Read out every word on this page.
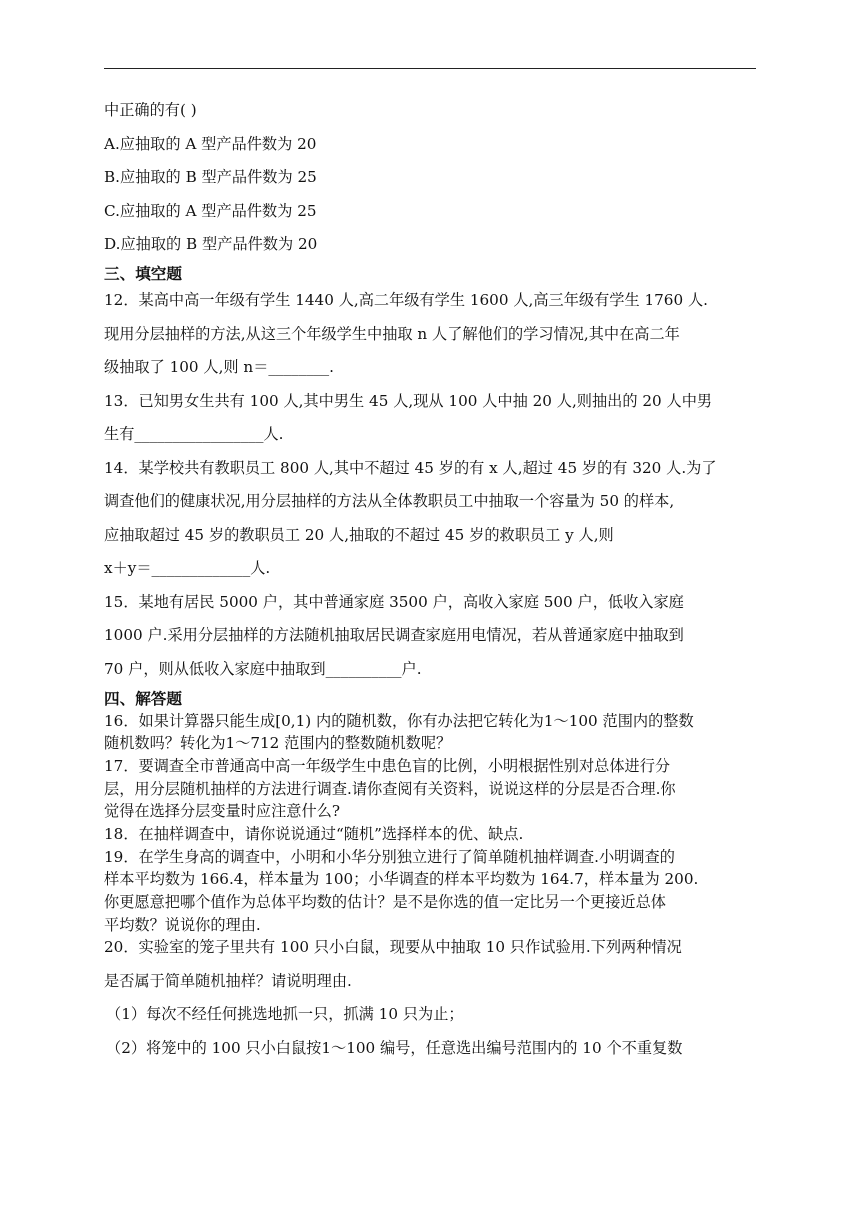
中正确的有( )

A.应抽取的 A 型产品件数为 20

B.应抽取的 B 型产品件数为 25

C.应抽取的 A 型产品件数为 25

D.应抽取的 B 型产品件数为 20

三、填空题

12．某高中高一年级有学生 1440 人,高二年级有学生 1600 人,高三年级有学生 1760 人.

现用分层抽样的方法,从这三个年级学生中抽取 n 人了解他们的学习情况,其中在高二年

级抽取了 100 人,则 n＝________.

13．已知男女生共有 100 人,其中男生 45 人,现从 100 人中抽 20 人,则抽出的 20 人中男

生有_________________人.

14．某学校共有教职员工 800 人,其中不超过 45 岁的有 x 人,超过 45 岁的有 320 人.为了

调查他们的健康状况,用分层抽样的方法从全体教职员工中抽取一个容量为 50 的样本,

应抽取超过 45 岁的教职员工 20 人,抽取的不超过 45 岁的救职员工 y 人,则

x＋y＝_____________人.

15．某地有居民 5000 户，其中普通家庭 3500 户，高收入家庭 500 户，低收入家庭

1000 户.采用分层抽样的方法随机抽取居民调查家庭用电情况，若从普通家庭中抽取到

70 户，则从低收入家庭中抽取到__________户.

四、解答题

16．如果计算器只能生成[0,1) 内的随机数，你有办法把它转化为1～100 范围内的整数

随机数吗？转化为1～712 范围内的整数随机数呢？

17．要调查全市普通高中高一年级学生中患色盲的比例，小明根据性别对总体进行分

层，用分层随机抽样的方法进行调查.请你查阅有关资料，说说这样的分层是否合理.你

觉得在选择分层变量时应注意什么?

18．在抽样调查中，请你说说通过“随机”选择样本的优、缺点.

19．在学生身高的调查中，小明和小华分别独立进行了简单随机抽样调查.小明调查的

样本平均数为 166.4，样本量为 100；小华调查的样本平均数为 164.7，样本量为 200.

你更愿意把哪个值作为总体平均数的估计？是不是你选的值一定比另一个更接近总体

平均数？说说你的理由.

20．实验室的笼子里共有 100 只小白鼠，现要从中抽取 10 只作试验用.下列两种情况

是否属于简单随机抽样？请说明理由.

（1）每次不经任何挑选地抓一只，抓满 10 只为止；

（2）将笼中的 100 只小白鼠按1～100 编号，任意选出编号范围内的 10 个不重复数
